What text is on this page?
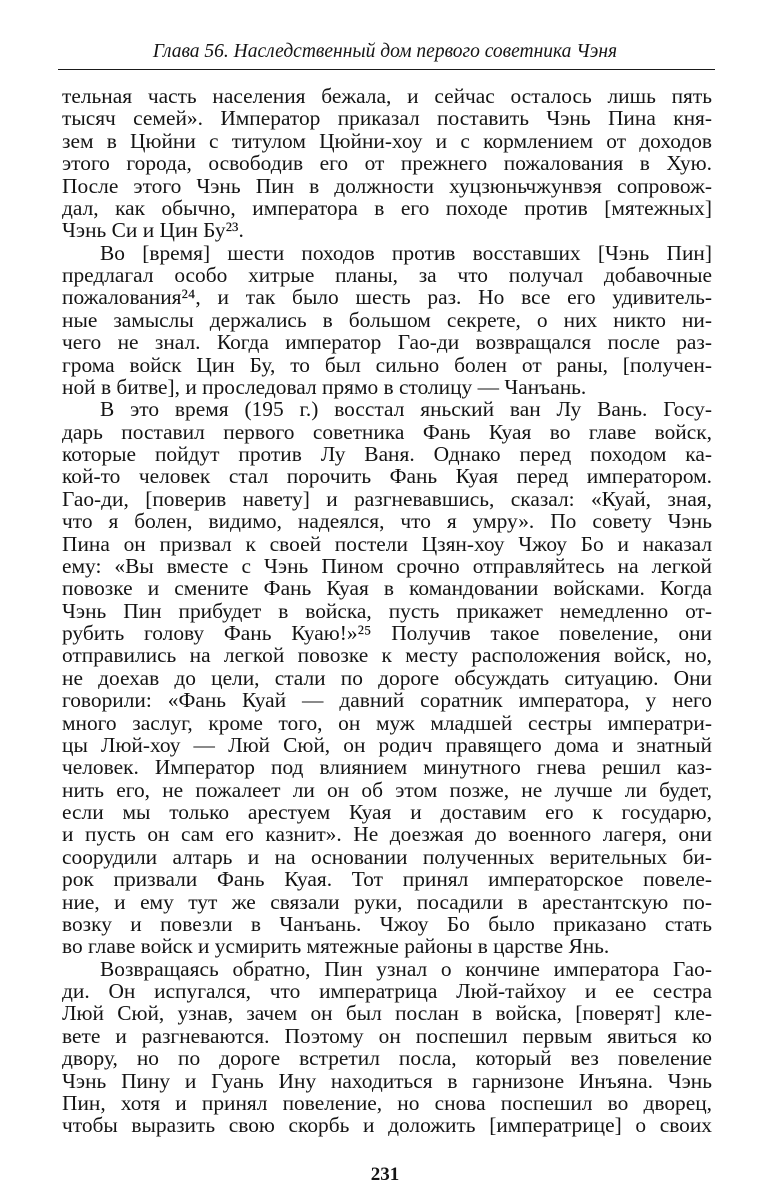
Глава 56. Наследственный дом первого советника Чэня
тельная часть населения бежала, и сейчас осталось лишь пять
тысяч семей». Император приказал поставить Чэнь Пина кня-
зем в Цюйни с титулом Цюйни-хоу и с кормлением от доходов
этого города, освободив его от прежнего пожалования в Хую.
После этого Чэнь Пин в должности хуцзюньчжунвэя сопровож-
дал, как обычно, императора в его походе против [мятежных]
Чэнь Си и Цин Бу²³.
Во [время] шести походов против восставших [Чэнь Пин]
предлагал особо хитрые планы, за что получал добавочные
пожалования²⁴, и так было шесть раз. Но все его удивитель-
ные замыслы держались в большом секрете, о них никто ни-
чего не знал. Когда император Гао-ди возвращался после раз-
грома войск Цин Бу, то был сильно болен от раны, [получен-
ной в битве], и проследовал прямо в столицу — Чанъань.
В это время (195 г.) восстал яньский ван Лу Вань. Госу-
дарь поставил первого советника Фань Куая во главе войск,
которые пойдут против Лу Ваня. Однако перед походом ка-
кой-то человек стал порочить Фань Куая перед императором.
Гао-ди, [поверив навету] и разгневавшись, сказал: «Куай, зная,
что я болен, видимо, надеялся, что я умру». По совету Чэнь
Пина он призвал к своей постели Цзян-хоу Чжоу Бо и наказал
ему: «Вы вместе с Чэнь Пином срочно отправляйтесь на легкой
повозке и смените Фань Куая в командовании войсками. Когда
Чэнь Пин прибудет в войска, пусть прикажет немедленно от-
рубить голову Фань Куаю!»²⁵ Получив такое повеление, они
отправились на легкой повозке к месту расположения войск, но,
не доехав до цели, стали по дороге обсуждать ситуацию. Они
говорили: «Фань Куай — давний соратник императора, у него
много заслуг, кроме того, он муж младшей сестры императри-
цы Люй-хоу — Люй Сюй, он родич правящего дома и знатный
человек. Император под влиянием минутного гнева решил каз-
нить его, не пожалеет ли он об этом позже, не лучше ли будет,
если мы только арестуем Куая и доставим его к государю,
и пусть он сам его казнит». Не доезжая до военного лагеря, они
соорудили алтарь и на основании полученных верительных би-
рок призвали Фань Куая. Тот принял императорское повеле-
ние, и ему тут же связали руки, посадили в арестантскую по-
возку и повезли в Чанъань. Чжоу Бо было приказано стать
во главе войск и усмирить мятежные районы в царстве Янь.
Возвращаясь обратно, Пин узнал о кончине императора Гао-
ди. Он испугался, что императрица Люй-тайхоу и ее сестра
Люй Сюй, узнав, зачем он был послан в войска, [поверят] кле-
вете и разгневаются. Поэтому он поспешил первым явиться ко
двору, но по дороге встретил посла, который вез повеление
Чэнь Пину и Гуань Ину находиться в гарнизоне Инъяна. Чэнь
Пин, хотя и принял повеление, но снова поспешил во дворец,
чтобы выразить свою скорбь и доложить [императрице] о своих
231
